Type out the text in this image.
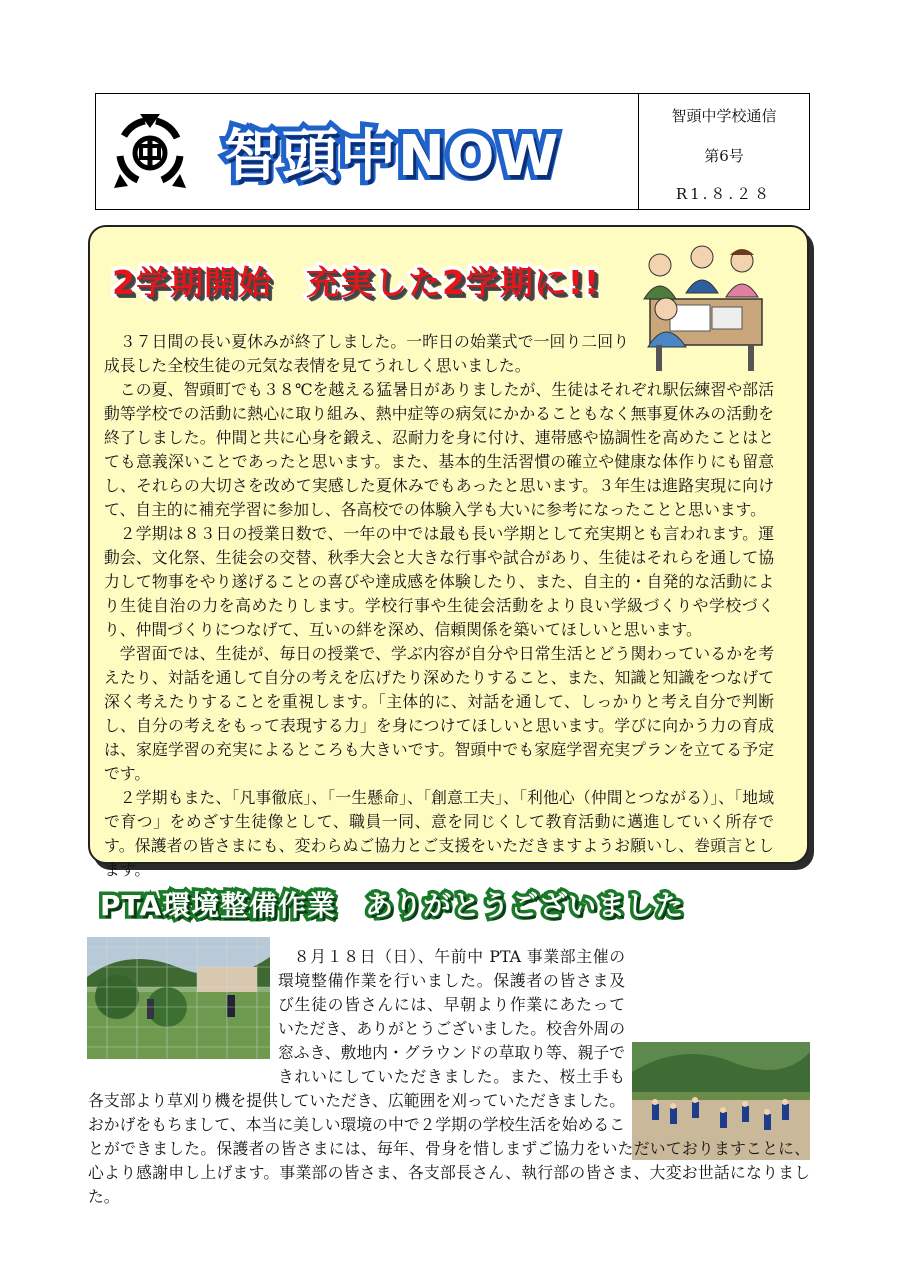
智頭中NOW
智頭中学校通信
第6号
R1.８.２８
2学期開始　充実した2学期に!!

３７日間の長い夏休みが終了しました。一昨日の始業式で一回り二回り成長した全校生徒の元気な表情を見てうれしく思いました。

この夏、智頭町でも３８℃を越える猛暑日がありましたが、生徒はそれぞれ駅伝練習や部活動等学校での活動に熱心に取り組み、熱中症等の病気にかかることもなく無事夏休みの活動を終了しました。仲間と共に心身を鍛え、忍耐力を身に付け、連帯感や協調性を高めたことはとても意義深いことであったと思います。また、基本的生活習慣の確立や健康な体作りにも留意し、それらの大切さを改めて実感した夏休みでもあったと思います。３年生は進路実現に向けて、自主的に補充学習に参加し、各高校での体験入学も大いに参考になったことと思います。

２学期は８３日の授業日数で、一年の中では最も長い学期として充実期とも言われます。運動会、文化祭、生徒会の交替、秋季大会と大きな行事や試合があり、生徒はそれらを通して協力して物事をやり遂げることの喜びや達成感を体験したり、また、自主的・自発的な活動により生徒自治の力を高めたりします。学校行事や生徒会活動をより良い学級づくりや学校づくり、仲間づくりにつなげて、互いの絆を深め、信頼関係を築いてほしいと思います。

学習面では、生徒が、毎日の授業で、学ぶ内容が自分や日常生活とどう関わっているかを考えたり、対話を通して自分の考えを広げたり深めたりすること、また、知識と知識をつなげて深く考えたりすることを重視します。「主体的に、対話を通して、しっかりと考え自分で判断し、自分の考えをもって表現する力」を身につけてほしいと思います。学びに向かう力の育成は、家庭学習の充実によるところも大きいです。智頭中でも家庭学習充実プランを立てる予定です。

２学期もまた、「凡事徹底」、「一生懸命」、「創意工夫」、「利他心（仲間とつながる）」、「地域で育つ」をめざす生徒像として、職員一同、意を同じくして教育活動に邁進していく所存です。保護者の皆さまにも、変わらぬご協力とご支援をいただきますようお願いし、巻頭言とします。

PTA環境整備作業　ありがとうございました

８月１８日（日）、午前中 PTA 事業部主催の環境整備作業を行いました。保護者の皆さま及び生徒の皆さんには、早朝より作業にあたっていただき、ありがとうございました。校舎外周の窓ふき、敷地内・グラウンドの草取り等、親子できれいにしていただきました。また、桜土手も各支部より草刈り機を提供していただき、広範囲を刈っていただきました。おかげをもちまして、本当に美しい環境の中で２学期の学校生活を始めることができました。保護者の皆さまには、毎年、骨身を惜しまずご協力をいただいておりますことに、心より感謝申し上げます。事業部の皆さま、各支部長さん、執行部の皆さま、大変お世話になりました。
